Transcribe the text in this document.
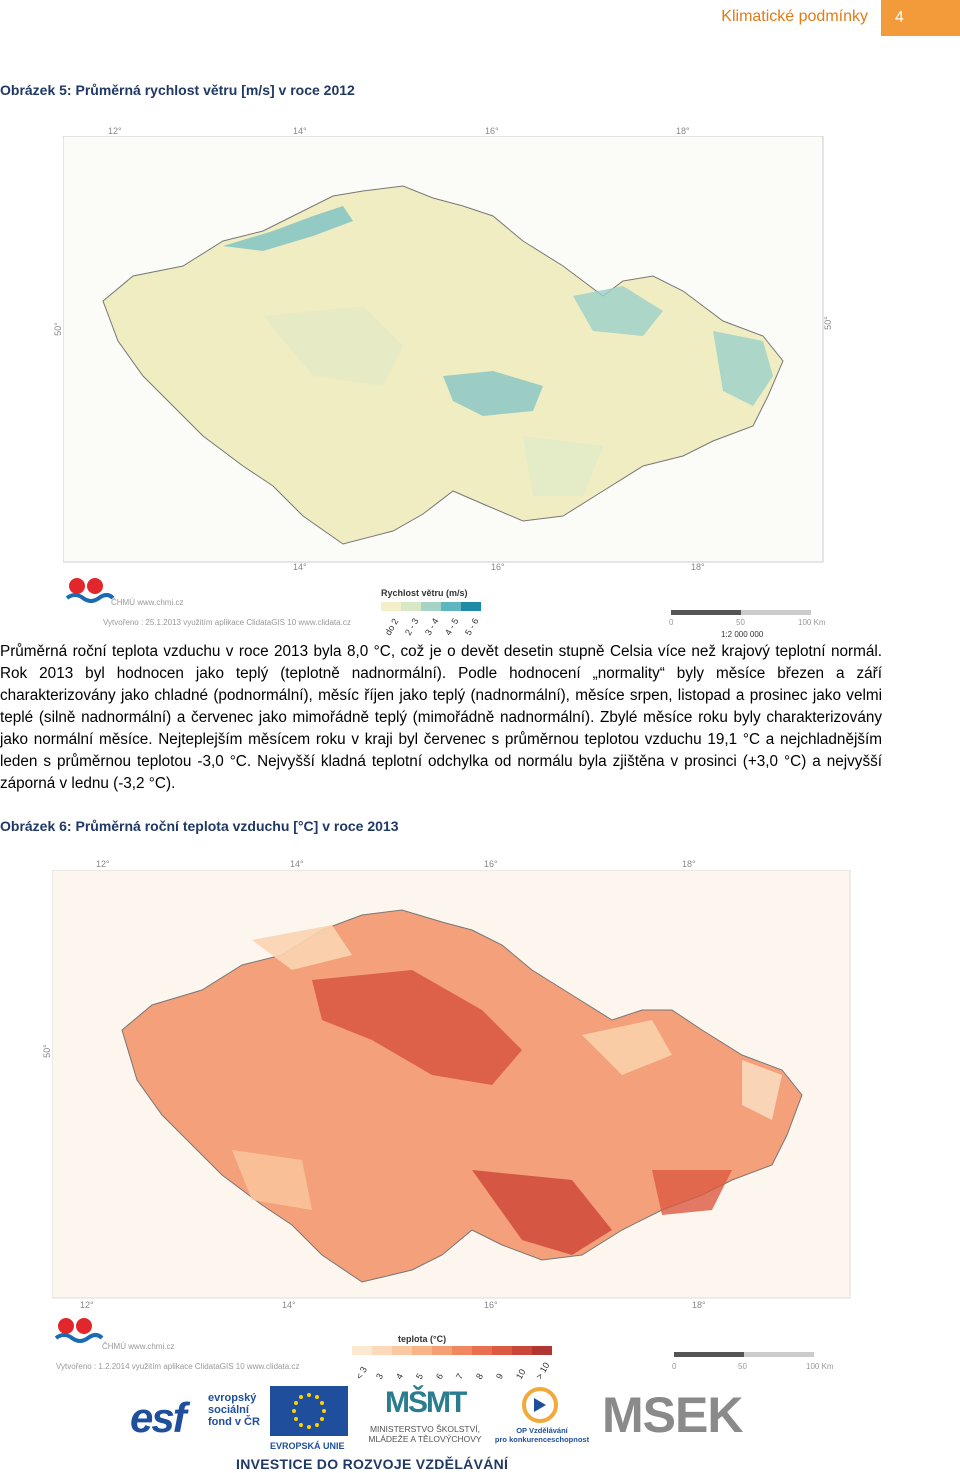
Klimatické podmínky	4
Obrázek 5: Průměrná rychlost větru [m/s] v roce 2012
12°	14°	16°	18°
50°	50°
14°	16°	18°
ČHMÚ www.chmi.cz
Vytvořeno : 25.1.2013 využitím aplikace ClidataGIS 10 www.clidata.cz
Rychlost větru (m/s)
do 2 2 - 3 3 - 4 4 - 5 5 - 6	0	50	100 Km
1:2 000 000
Průměrná roční teplota vzduchu v roce 2013 byla 8,0 °C, což je o devět desetin stupně Celsia více než krajový teplotní normál. Rok 2013 byl hodnocen jako teplý (teplotně nadnormální). Podle hodnocení „normality“ byly měsíce březen a září charakterizovány jako chladné (podnormální), měsíc říjen jako teplý (nadnormální), měsíce srpen, listopad a prosinec jako velmi teplé (silně nadnormální) a červenec jako mimořádně teplý (mimořádně nadnormální). Zbylé měsíce roku byly charakterizovány jako normální měsíce. Nejteplejším měsícem roku v kraji byl červenec s průměrnou teplotou vzduchu 19,1 °C a nejchladnějším leden s průměrnou teplotou -3,0 °C. Nejvyšší kladná teplotní odchylka od normálu byla zjištěna v prosinci (+3,0 °C) a nejvyšší záporná v lednu (-3,2 °C).
Obrázek 6: Průměrná roční teplota vzduchu [°C] v roce 2013
12°	14°	16°	18°
50°
12°	14°	16°	18°
ČHMÚ www.chmi.cz
Vytvořeno : 1.2.2014 využitím aplikace ClidataGIS 10 www.clidata.cz
teplota (°C)
< 3 3 4 5 6 7 8 9 10 > 10	0	50	100 Km
esf evropský
sociální
fond v ČR
EVROPSKÁ UNIE
MŠMT
MINISTERSTVO ŠKOLSTVÍ,
MLÁDEŽE A TĚLOVÝCHOVY
OP Vzdělávání
pro konkurenceschopnost MSEK
INVESTICE DO ROZVOJE VZDĚLÁVÁNÍ
